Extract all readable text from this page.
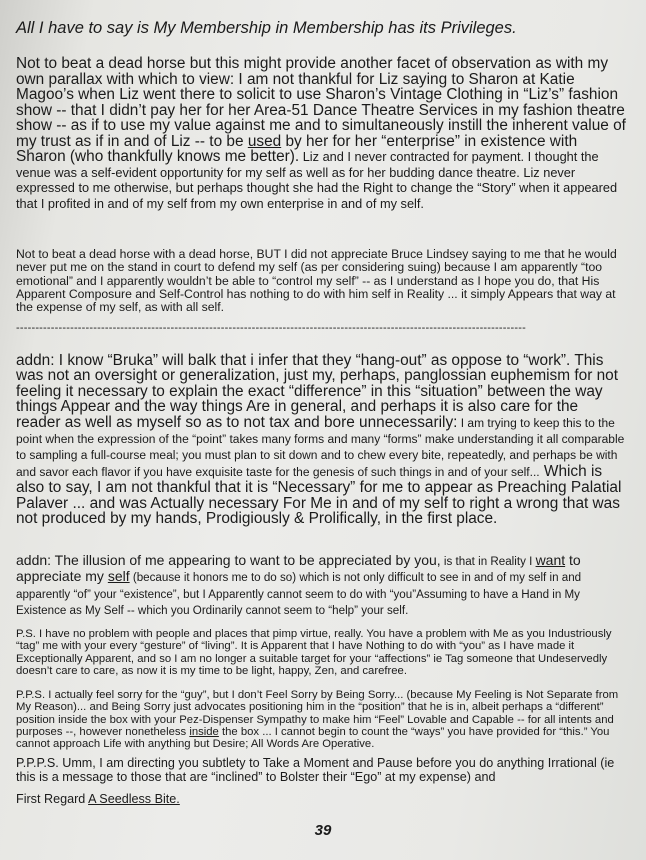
All I have to say is My Membership in Membership has its Privileges.

Not to beat a dead horse but this might provide another facet of observation as with my own parallax with which to view: I am not thankful for Liz saying to Sharon at Katie Magoo’s when Liz went there to solicit to use Sharon’s Vintage Clothing in “Liz’s” fashion show -- that I didn’t pay her for her Area-51 Dance Theatre Services in my fashion theatre show -- as if to use my value against me and to simultaneously instill the inherent value of my trust as if in and of Liz -- to be used by her for her “enterprise” in existence with Sharon (who thankfully knows me better). Liz and I never contracted for payment. I thought the venue was a self-evident opportunity for my self as well as for her budding dance theatre. Liz never expressed to me otherwise, but perhaps thought she had the Right to change the “Story” when it appeared that I profited in and of my self from my own enterprise in and of my self.

Not to beat a dead horse with a dead horse, BUT I did not appreciate Bruce Lindsey saying to me that he would never put me on the stand in court to defend my self (as per considering suing) because I am apparently “too emotional” and I apparently wouldn’t be able to “control my self” -- as I understand as I hope you do, that His Apparent Composure and Self-Control has nothing to do with him self in Reality ... it simply Appears that way at the expense of my self, as with all self.

------------------------------------------------------------------------------------------------------------------------------------

addn: I know “Bruka” will balk that i infer that they “hang-out” as oppose to “work”. This was not an oversight or generalization, just my, perhaps, panglossian euphemism for not feeling it necessary to explain the exact “difference” in this “situation” between the way things Appear and the way things Are in general, and perhaps it is also care for the reader as well as myself so as to not tax and bore unnecessarily: I am trying to keep this to the point when the expression of the “point” takes many forms and many “forms” make understanding it all comparable to sampling a full-course meal; you must plan to sit down and to chew every bite, repeatedly, and perhaps be with and savor each flavor if you have exquisite taste for the genesis of such things in and of your self... Which is also to say, I am not thankful that it is “Necessary” for me to appear as Preaching Palatial Palaver ... and was Actually necessary For Me in and of my self to right a wrong that was not produced by my hands, Prodigiously & Prolifically, in the first place.

addn: The illusion of me appearing to want to be appreciated by you, is that in Reality I want to appreciate my self (because it honors me to do so) which is not only difficult to see in and of my self in and apparently “of” your “existence”, but I Apparently cannot seem to do with “you”Assuming to have a Hand in My Existence as My Self -- which you Ordinarily cannot seem to “help” your self.

P.S. I have no problem with people and places that pimp virtue, really. You have a problem with Me as you Industriously “tag” me with your every “gesture” of “living”. It is Apparent that I have Nothing to do with “you” as I have made it Exceptionally Apparent, and so I am no longer a suitable target for your “affections” ie Tag someone that Undeservedly doesn’t care to care, as now it is my time to be light, happy, Zen, and carefree.

P.P.S. I actually feel sorry for the “guy”, but I don’t Feel Sorry by Being Sorry... (because My Feeling is Not Separate from My Reason)... and Being Sorry just advocates positioning him in the “position” that he is in, albeit perhaps a “different” position inside the box with your Pez-Dispenser Sympathy to make him “Feel” Lovable and Capable -- for all intents and purposes --, however nonetheless inside the box ... I cannot begin to count the “ways” you have provided for “this.” You cannot approach Life with anything but Desire; All Words Are Operative.

P.P.P.S. Umm, I am directing you subtlety to Take a Moment and Pause before you do anything Irrational (ie this is a message to those that are “inclined” to Bolster their “Ego” at my expense) and

First Regard A Seedless Bite.

39
